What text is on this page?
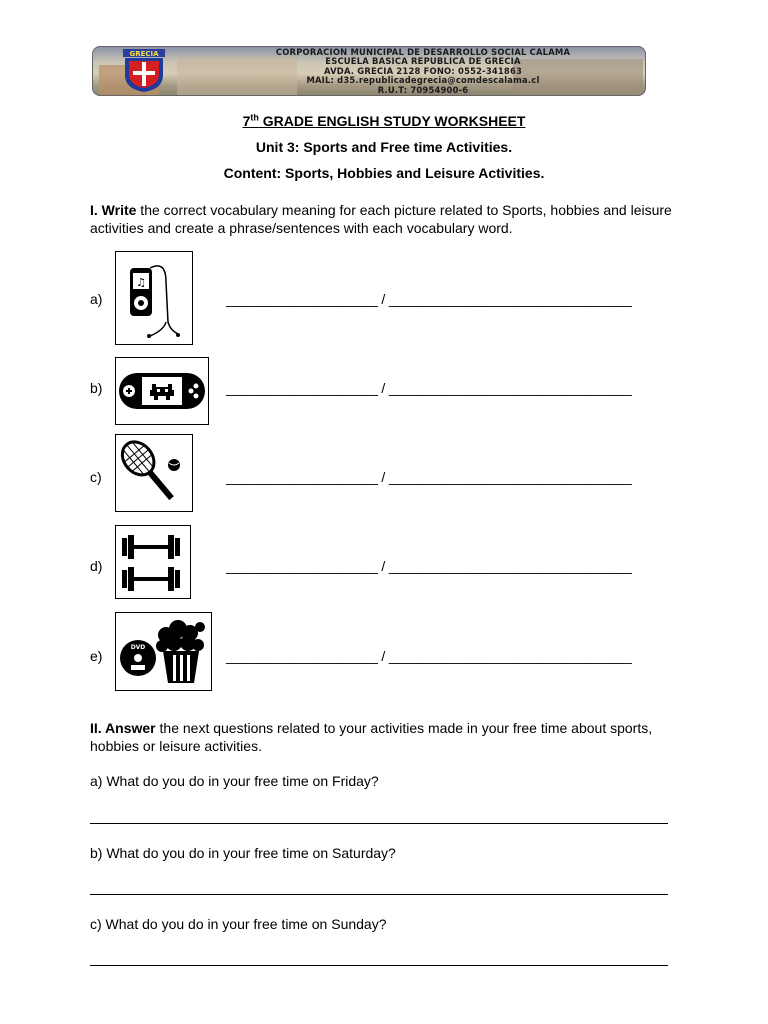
GRECIA	CORPORACION MUNICIPAL DE DESARROLLO SOCIAL CALAMA
ESCUELA BASICA REPUBLICA DE GRECIA
AVDA. GRECIA 2128 FONO: 0552-341863
MAIL: d35.republicadegrecia@comdescalama.cl
R.U.T: 70954900-6
7th GRADE ENGLISH STUDY WORKSHEET
Unit 3: Sports and Free time Activities.
Content: Sports, Hobbies and Leisure Activities.
I. Write the correct vocabulary meaning for each picture related to Sports, hobbies and leisure activities and create a phrase/sentences with each vocabulary word.
a)
♫
____________________ / ________________________________
b)	____________________ / ________________________________
c)	____________________ / ________________________________
d)	____________________ / ________________________________
e)
DVD
____________________ / ________________________________
II. Answer the next questions related to your activities made in your free time about sports, hobbies or leisure activities.
a) What do you do in your free time on Friday?
b) What do you do in your free time on Saturday?
c) What do you do in your free time on Sunday?
